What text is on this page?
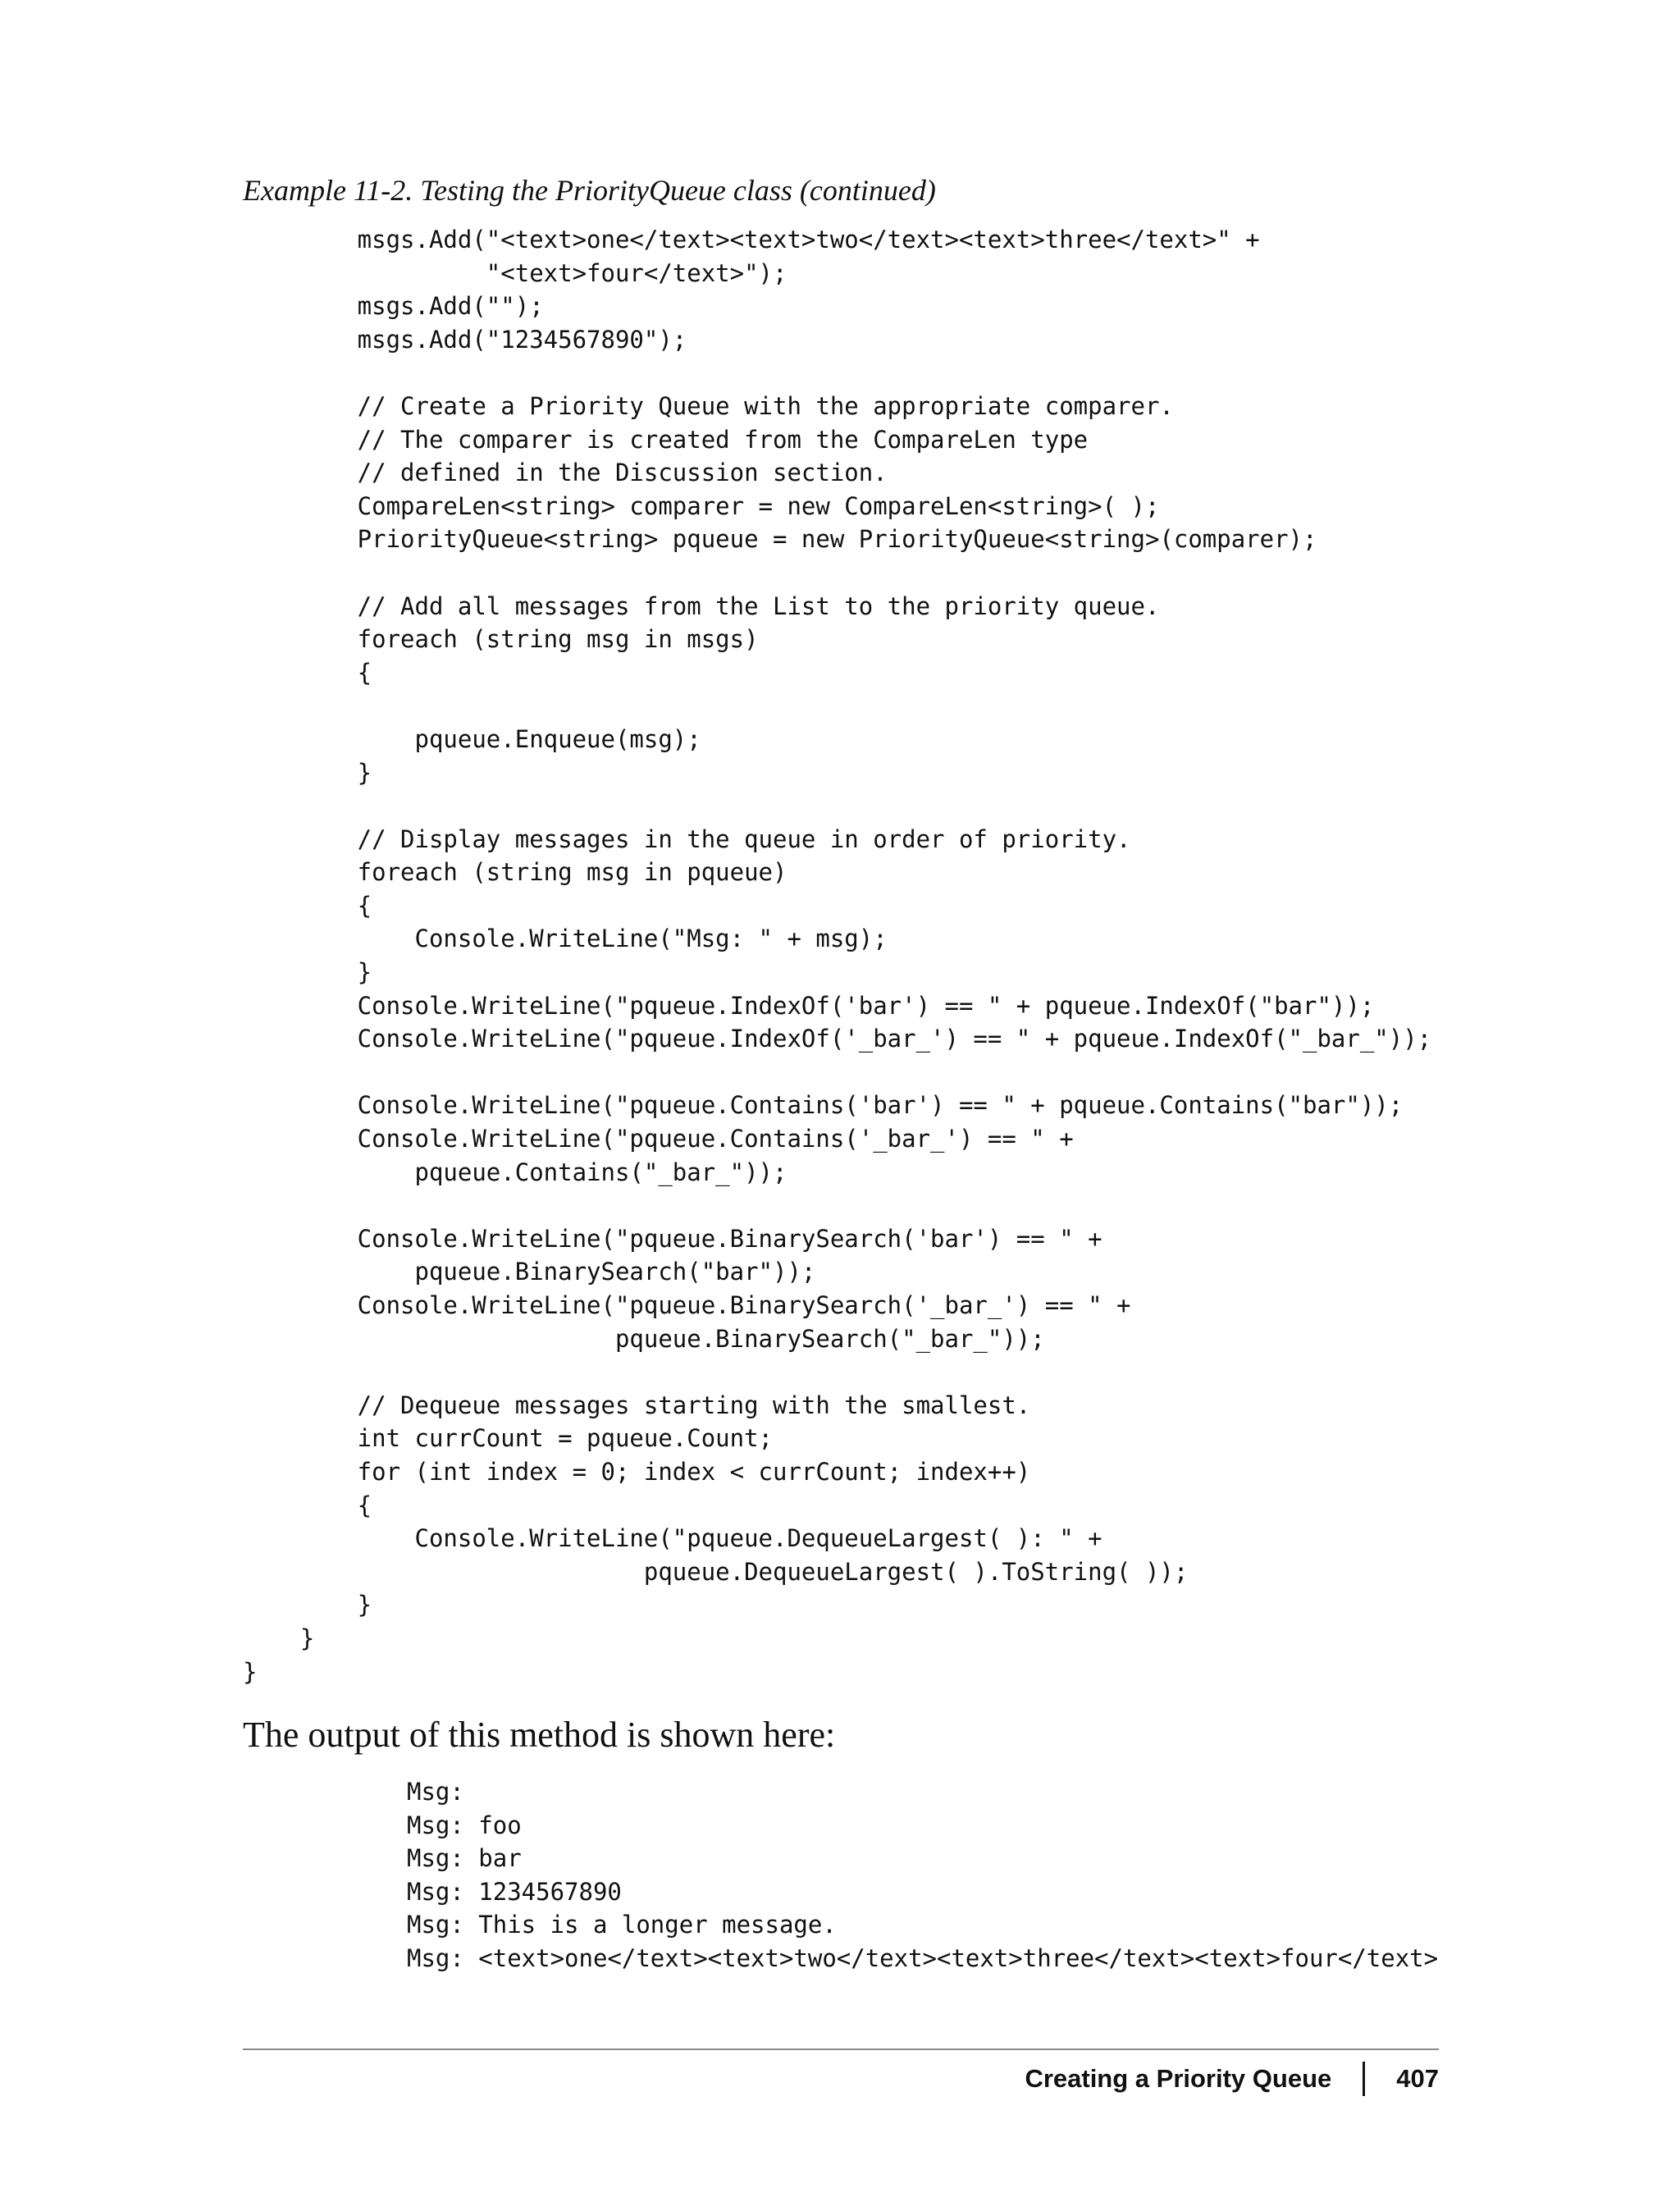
Example 11-2. Testing the PriorityQueue class (continued)
msgs.Add("<text>one</text><text>two</text><text>three</text>" +
"<text>four</text>");
msgs.Add("");
msgs.Add("1234567890");
// Create a Priority Queue with the appropriate comparer.
// The comparer is created from the CompareLen type
// defined in the Discussion section.
CompareLen<string> comparer = new CompareLen<string>( );
PriorityQueue<string> pqueue = new PriorityQueue<string>(comparer);
// Add all messages from the List to the priority queue.
foreach (string msg in msgs)
{
pqueue.Enqueue(msg);
}
// Display messages in the queue in order of priority.
foreach (string msg in pqueue)
{
Console.WriteLine("Msg: " + msg);
}
Console.WriteLine("pqueue.IndexOf('bar') == " + pqueue.IndexOf("bar"));
Console.WriteLine("pqueue.IndexOf('_bar_') == " + pqueue.IndexOf("_bar_"));
Console.WriteLine("pqueue.Contains('bar') == " + pqueue.Contains("bar"));
Console.WriteLine("pqueue.Contains('_bar_') == " +
pqueue.Contains("_bar_"));
Console.WriteLine("pqueue.BinarySearch('bar') == " +
pqueue.BinarySearch("bar"));
Console.WriteLine("pqueue.BinarySearch('_bar_') == " +
pqueue.BinarySearch("_bar_"));
// Dequeue messages starting with the smallest.
int currCount = pqueue.Count;
for (int index = 0; index < currCount; index++)
{
Console.WriteLine("pqueue.DequeueLargest( ): " +
pqueue.DequeueLargest( ).ToString( ));
}
}
}
The output of this method is shown here:
Msg:
Msg: foo
Msg: bar
Msg: 1234567890
Msg: This is a longer message.
Msg: <text>one</text><text>two</text><text>three</text><text>four</text>
Creating a Priority Queue	407
